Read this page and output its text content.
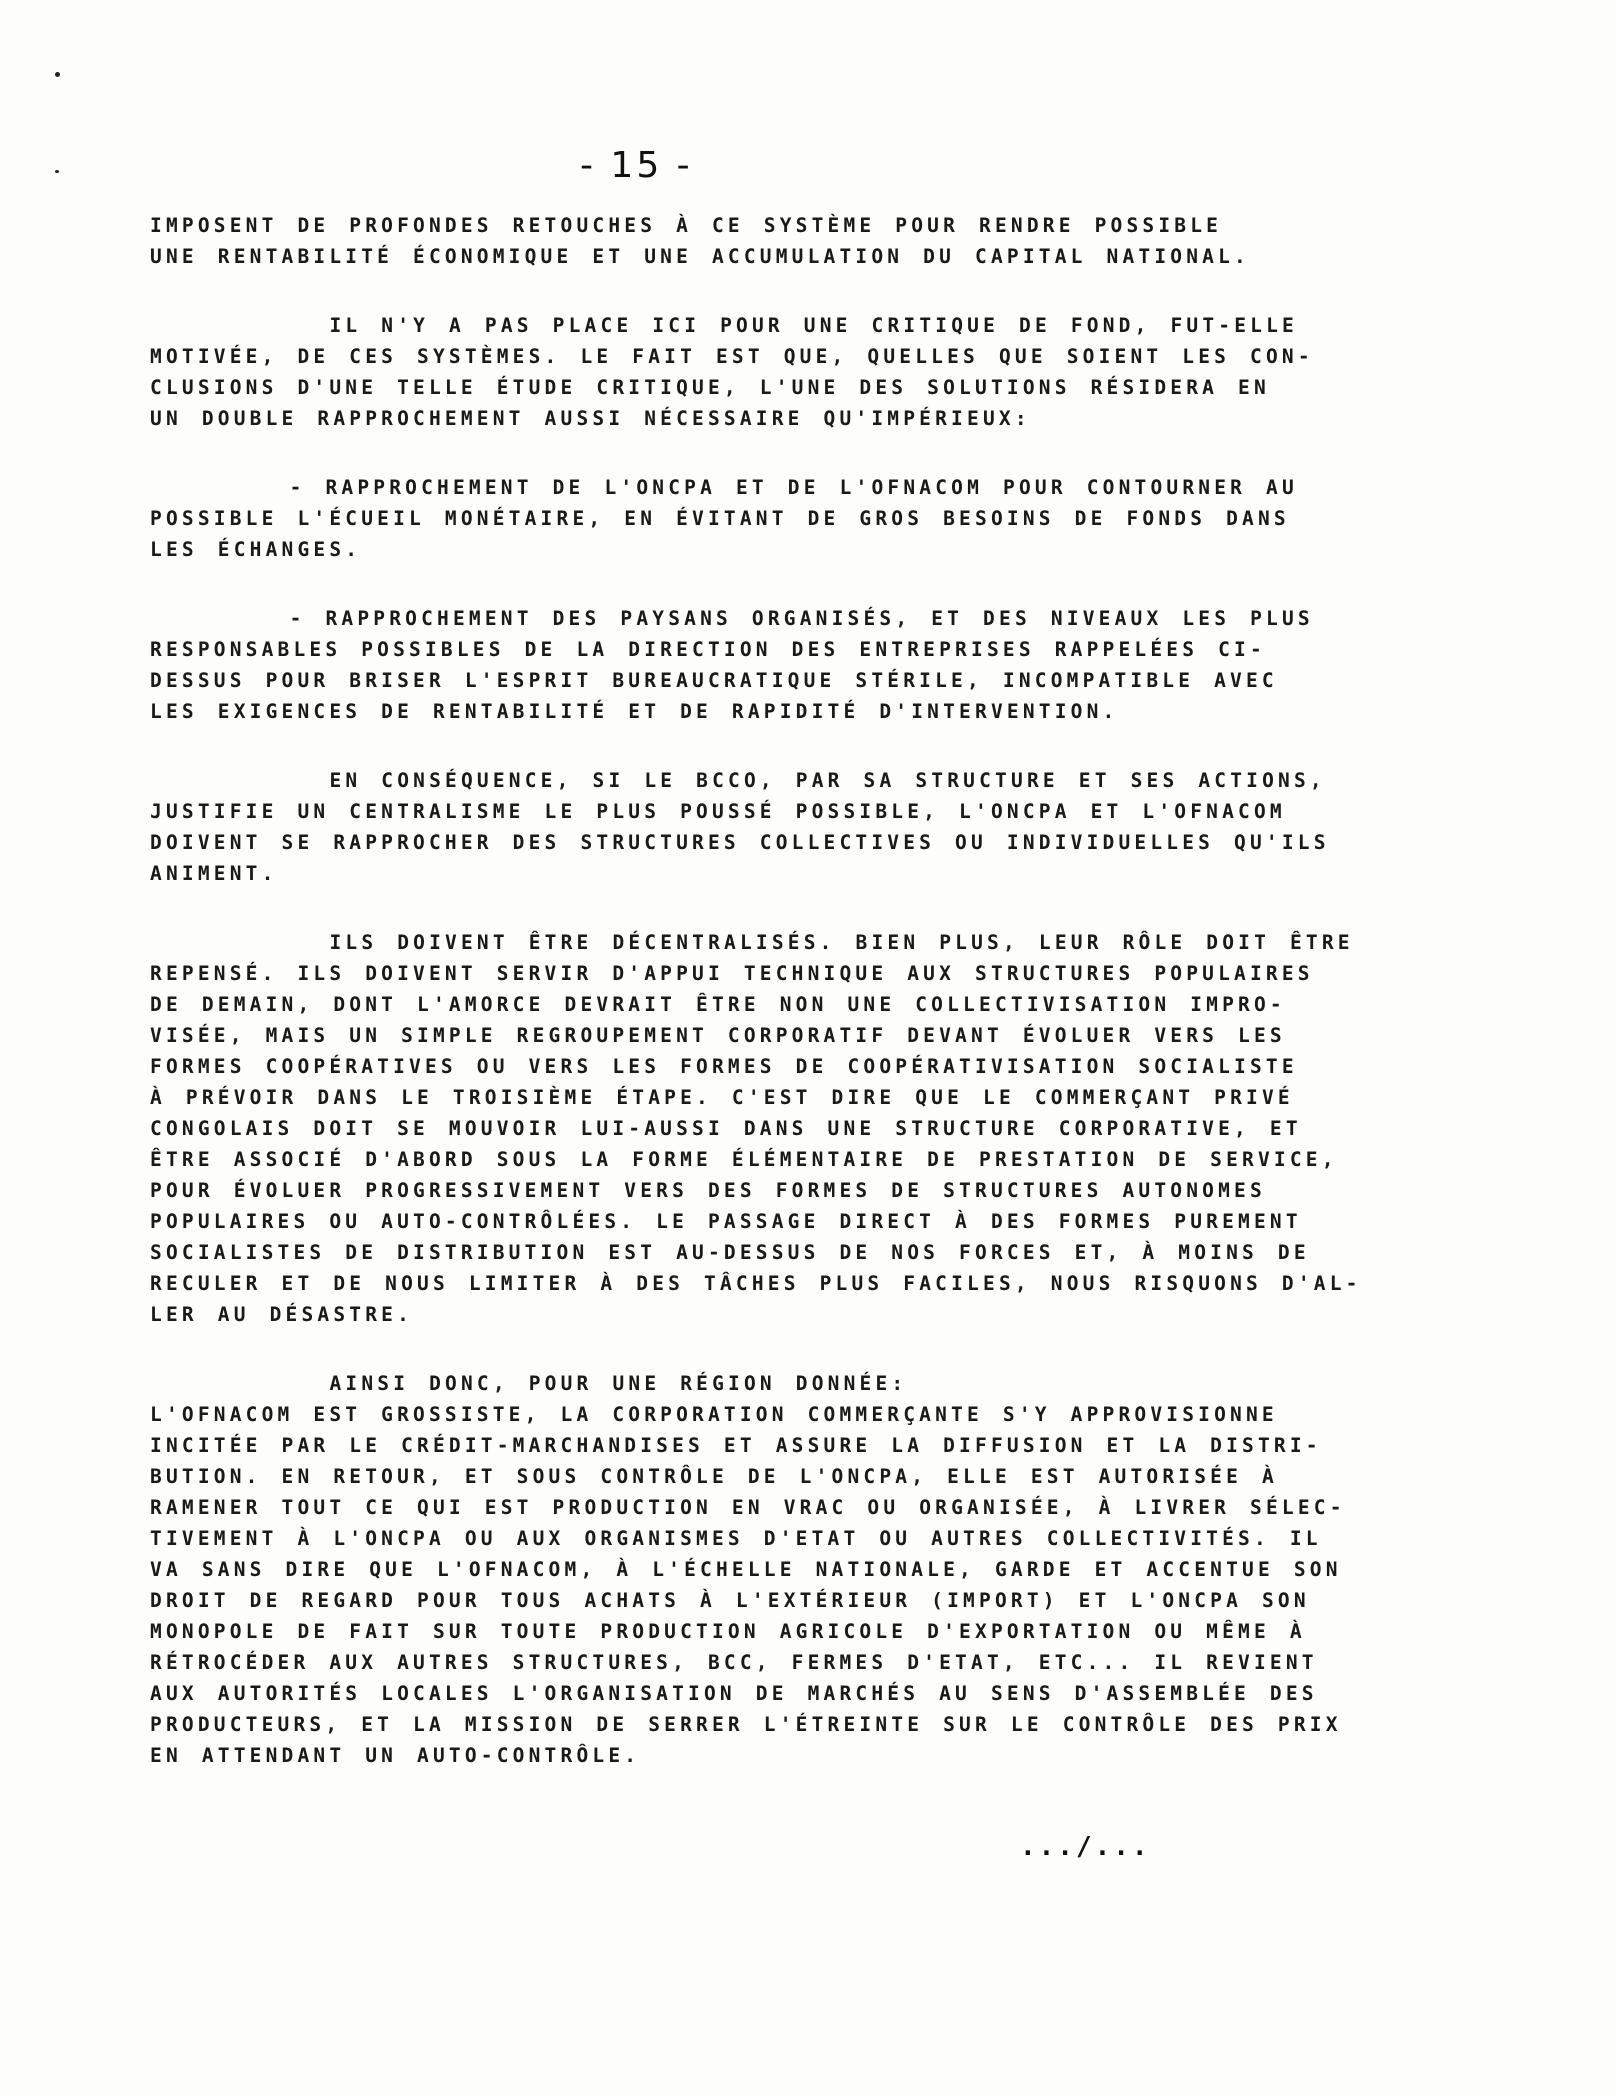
- 15 -

IMPOSENT DE PROFONDES RETOUCHES À CE SYSTÈME POUR RENDRE POSSIBLE
UNE RENTABILITÉ ÉCONOMIQUE ET UNE ACCUMULATION DU CAPITAL NATIONAL.

IL N'Y A PAS PLACE ICI POUR UNE CRITIQUE DE FOND, FUT-ELLE
MOTIVÉE, DE CES SYSTÈMES. LE FAIT EST QUE, QUELLES QUE SOIENT LES CON-
CLUSIONS D'UNE TELLE ÉTUDE CRITIQUE, L'UNE DES SOLUTIONS RÉSIDERA EN
UN DOUBLE RAPPROCHEMENT AUSSI NÉCESSAIRE QU'IMPÉRIEUX:

- RAPPROCHEMENT DE L'ONCPA ET DE L'OFNACOM POUR CONTOURNER AU
POSSIBLE L'ÉCUEIL MONÉTAIRE, EN ÉVITANT DE GROS BESOINS DE FONDS DANS
LES ÉCHANGES.

- RAPPROCHEMENT DES PAYSANS ORGANISÉS, ET DES NIVEAUX LES PLUS
RESPONSABLES POSSIBLES DE LA DIRECTION DES ENTREPRISES RAPPELÉES CI-
DESSUS POUR BRISER L'ESPRIT BUREAUCRATIQUE STÉRILE, INCOMPATIBLE AVEC
LES EXIGENCES DE RENTABILITÉ ET DE RAPIDITÉ D'INTERVENTION.

EN CONSÉQUENCE, SI LE BCCO, PAR SA STRUCTURE ET SES ACTIONS,
JUSTIFIE UN CENTRALISME LE PLUS POUSSÉ POSSIBLE, L'ONCPA ET L'OFNACOM
DOIVENT SE RAPPROCHER DES STRUCTURES COLLECTIVES OU INDIVIDUELLES QU'ILS
ANIMENT.

ILS DOIVENT ÊTRE DÉCENTRALISÉS. BIEN PLUS, LEUR RÔLE DOIT ÊTRE
REPENSÉ. ILS DOIVENT SERVIR D'APPUI TECHNIQUE AUX STRUCTURES POPULAIRES
DE DEMAIN, DONT L'AMORCE DEVRAIT ÊTRE NON UNE COLLECTIVISATION IMPRO-
VISÉE, MAIS UN SIMPLE REGROUPEMENT CORPORATIF DEVANT ÉVOLUER VERS LES
FORMES COOPÉRATIVES OU VERS LES FORMES DE COOPÉRATIVISATION SOCIALISTE
À PRÉVOIR DANS LE TROISIÈME ÉTAPE. C'EST DIRE QUE LE COMMERÇANT PRIVÉ
CONGOLAIS DOIT SE MOUVOIR LUI-AUSSI DANS UNE STRUCTURE CORPORATIVE, ET
ÊTRE ASSOCIÉ D'ABORD SOUS LA FORME ÉLÉMENTAIRE DE PRESTATION DE SERVICE,
POUR ÉVOLUER PROGRESSIVEMENT VERS DES FORMES DE STRUCTURES AUTONOMES
POPULAIRES OU AUTO-CONTRÔLÉES. LE PASSAGE DIRECT À DES FORMES PUREMENT
SOCIALISTES DE DISTRIBUTION EST AU-DESSUS DE NOS FORCES ET, À MOINS DE
RECULER ET DE NOUS LIMITER À DES TÂCHES PLUS FACILES, NOUS RISQUONS D'AL-
LER AU DÉSASTRE.

AINSI DONC, POUR UNE RÉGION DONNÉE:
L'OFNACOM EST GROSSISTE, LA CORPORATION COMMERÇANTE S'Y APPROVISIONNE
INCITÉE PAR LE CRÉDIT-MARCHANDISES ET ASSURE LA DIFFUSION ET LA DISTRI-
BUTION. EN RETOUR, ET SOUS CONTRÔLE DE L'ONCPA, ELLE EST AUTORISÉE À
RAMENER TOUT CE QUI EST PRODUCTION EN VRAC OU ORGANISÉE, À LIVRER SÉLEC-
TIVEMENT À L'ONCPA OU AUX ORGANISMES D'ETAT OU AUTRES COLLECTIVITÉS. IL
VA SANS DIRE QUE L'OFNACOM, À L'ÉCHELLE NATIONALE, GARDE ET ACCENTUE SON
DROIT DE REGARD POUR TOUS ACHATS À L'EXTÉRIEUR (IMPORT) ET L'ONCPA SON
MONOPOLE DE FAIT SUR TOUTE PRODUCTION AGRICOLE D'EXPORTATION OU MÊME À
RÉTROCÉDER AUX AUTRES STRUCTURES, BCC, FERMES D'ETAT, ETC... IL REVIENT
AUX AUTORITÉS LOCALES L'ORGANISATION DE MARCHÉS AU SENS D'ASSEMBLÉE DES
PRODUCTEURS, ET LA MISSION DE SERRER L'ÉTREINTE SUR LE CONTRÔLE DES PRIX
EN ATTENDANT UN AUTO-CONTRÔLE.

.../...
